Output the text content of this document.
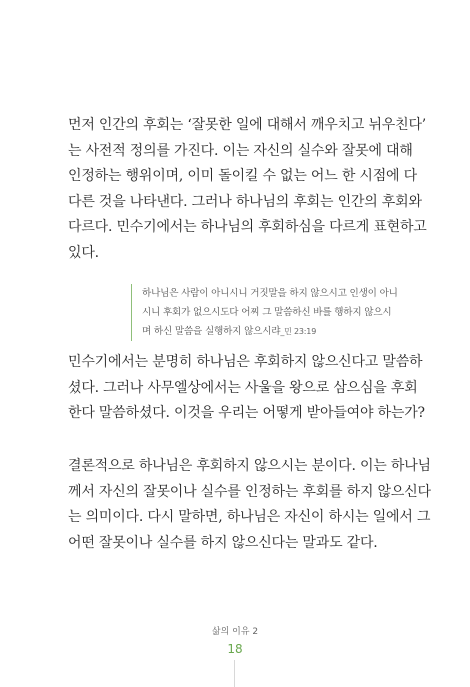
먼저 인간의 후회는 ‘잘못한 일에 대해서 깨우치고 뉘우친다’
는 사전적 정의를 가진다. 이는 자신의 실수와 잘못에 대해
인정하는 행위이며, 이미 돌이킬 수 없는 어느 한 시점에 다
다른 것을 나타낸다. 그러나 하나님의 후회는 인간의 후회와
다르다. 민수기에서는 하나님의 후회하심을 다르게 표현하고
있다.

하나님은 사람이 아니시니 거짓말을 하지 않으시고 인생이 아니
시니 후회가 없으시도다 어찌 그 말씀하신 바를 행하지 않으시
며 하신 말씀을 실행하지 않으시랴_민 23:19

민수기에서는 분명히 하나님은 후회하지 않으신다고 말씀하
셨다. 그러나 사무엘상에서는 사울을 왕으로 삼으심을 후회
한다 말씀하셨다. 이것을 우리는 어떻게 받아들여야 하는가?

결론적으로 하나님은 후회하지 않으시는 분이다. 이는 하나님
께서 자신의 잘못이나 실수를 인정하는 후회를 하지 않으신다
는 의미이다. 다시 말하면, 하나님은 자신이 하시는 일에서 그
어떤 잘못이나 실수를 하지 않으신다는 말과도 같다.

삶의 이유 2
18
